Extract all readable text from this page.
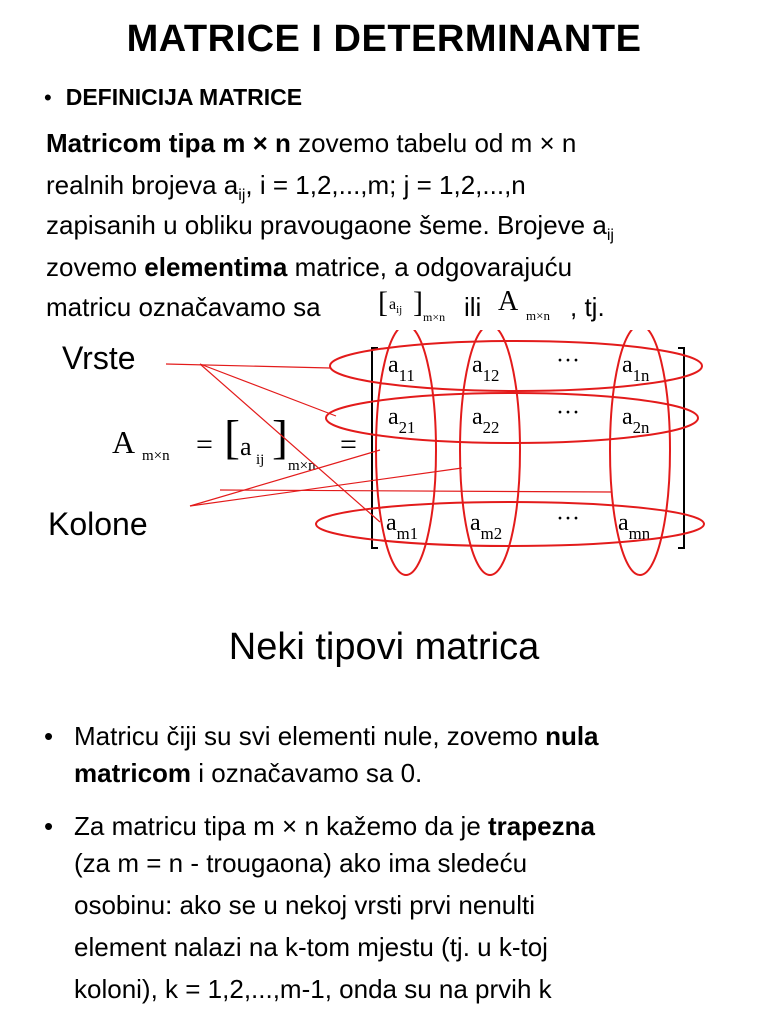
MATRICE I DETERMINANTE
• DEFINICIJA MATRICE
Matricom tipa m × n zovemo tabelu od m × n
realnih brojeva $a_{ij}$, i = 1,2,...,m; j = 1,2,...,n
zapisanih u obliku pravougaone šeme. Brojeve $a_{ij}$
zovemo elementima matrice, a odgovarajuću
matricu označavamo sa [ $a_{ij}$ ] m×n ili A m×n , tj.
Vrste
Kolone
A m×n = [ a ij ]
m×n
=
$a_{11}$ $a_{12}$
··· $a_{1n}$
$a_{21}$ $a_{22}$
··· $a_{2n}$
$a_{m1}$ $a_{m2}$
··· $a_{mn}$
Neki tipovi matrica
• Matricu čiji su svi elementi nule, zovemo nula
matricom i označavamo sa 0.
• Za matricu tipa m × n kažemo da je trapezna
(za m = n - trougaona) ako ima sledeću
osobinu: ako se u nekoj vrsti prvi nenulti
element nalazi na k-tom mjestu (tj. u k-toj
koloni), k = 1,2,...,m-1, onda su na prvih k
